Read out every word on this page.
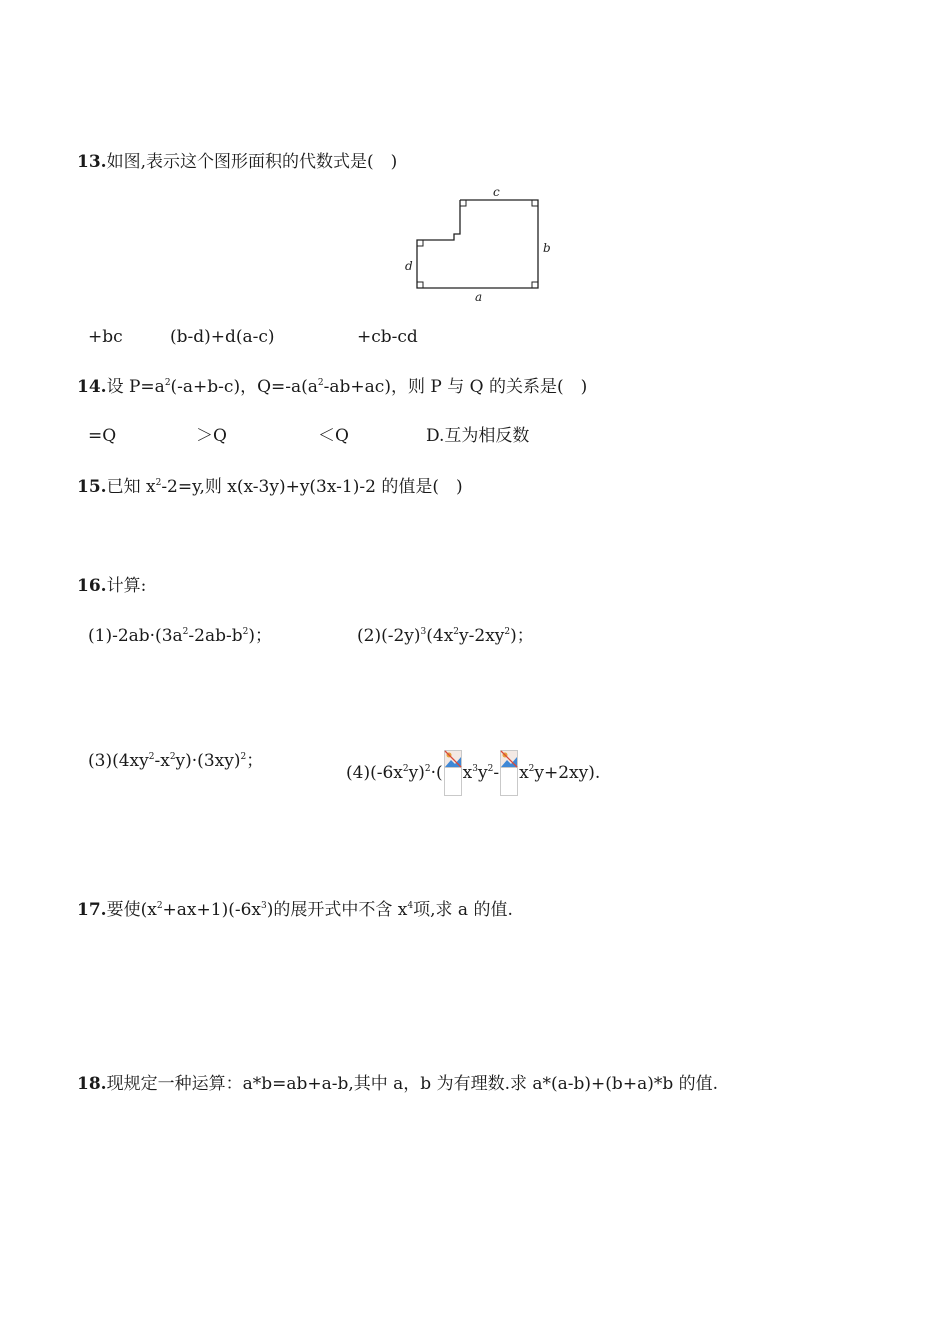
13.如图,表示这个图形面积的代数式是(　)
c
b
d
a
+bc	(b-d)+d(a-c)	+cb-cd
14.设 $P=a^2(-a+b-c)$，$Q=-a(a^2-ab+ac)$，则 P 与 Q 的关系是(　)
=Q	＞Q	＜Q	D.互为相反数
15.已知 $x^2-2=y$,则 x(x-3y)+y(3x-1)-2 的值是(　)
16.计算:
$(1)-2ab\cdot(3a^2-2ab-b^2)$；	$(2)(-2y)^3(4x^2y-2xy^2)$；
$(3)(4xy^2-x^2y)\cdot(3xy)^2$；
$(4)(-6x^2y)^2\cdot$( $x^3y^2-$ $x^2y+2xy$).
17.要使$(x^2+ax+1)(-6x^3)$的展开式中不含 $x^4$项,求 a 的值.
18.现规定一种运算：a*b=ab+a-b,其中 a，b 为有理数.求 a*(a-b)+(b+a)*b 的值.
